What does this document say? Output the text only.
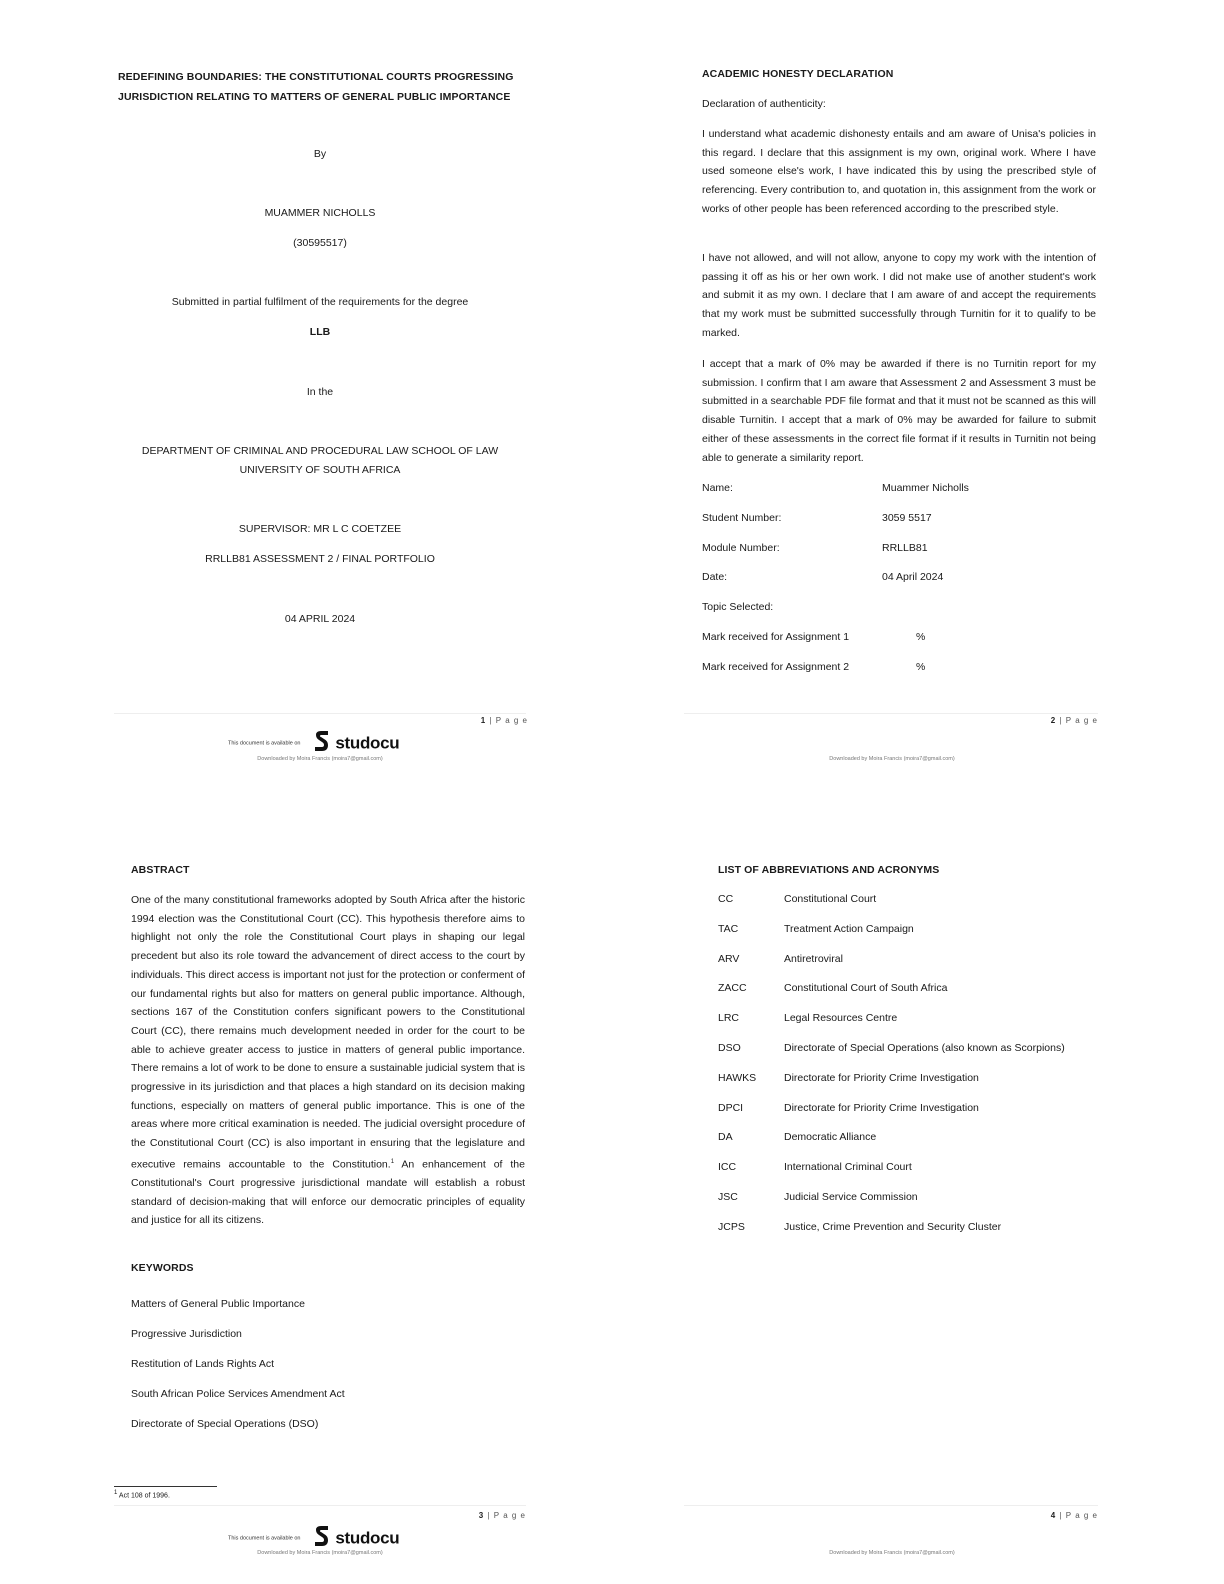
REDEFINING BOUNDARIES: THE CONSTITUTIONAL COURTS PROGRESSING
JURISDICTION RELATING TO MATTERS OF GENERAL PUBLIC IMPORTANCE
By
MUAMMER NICHOLLS
(30595517)
Submitted in partial fulfilment of the requirements for the degree
LLB
In the
DEPARTMENT OF CRIMINAL AND PROCEDURAL LAW SCHOOL OF LAW
UNIVERSITY OF SOUTH AFRICA
SUPERVISOR: MR L C COETZEE
RRLLB81 ASSESSMENT 2 / FINAL PORTFOLIO
04 APRIL 2024
1 | P a g e
This document is available on studocu
Downloaded by Moira Francis (moira7@gmail.com)
ACADEMIC HONESTY DECLARATION
Declaration of authenticity:
I understand what academic dishonesty entails and am aware of Unisa's policies in this regard. I declare that this assignment is my own, original work. Where I have used someone else's work, I have indicated this by using the prescribed style of referencing. Every contribution to, and quotation in, this assignment from the work or works of other people has been referenced according to the prescribed style.
I have not allowed, and will not allow, anyone to copy my work with the intention of passing it off as his or her own work. I did not make use of another student's work and submit it as my own. I declare that I am aware of and accept the requirements that my work must be submitted successfully through Turnitin for it to qualify to be marked.
I accept that a mark of 0% may be awarded if there is no Turnitin report for my submission. I confirm that I am aware that Assessment 2 and Assessment 3 must be submitted in a searchable PDF file format and that it must not be scanned as this will disable Turnitin. I accept that a mark of 0% may be awarded for failure to submit either of these assessments in the correct file format if it results in Turnitin not being able to generate a similarity report.
Name:	Muammer Nicholls
Student Number:	3059 5517
Module Number:	RRLLB81
Date:	04 April 2024
Topic Selected:	
Mark received for Assignment 1	%
Mark received for Assignment 2	%
2 | P a g e
Downloaded by Moira Francis (moira7@gmail.com)
ABSTRACT
One of the many constitutional frameworks adopted by South Africa after the historic 1994 election was the Constitutional Court (CC). This hypothesis therefore aims to highlight not only the role the Constitutional Court plays in shaping our legal precedent but also its role toward the advancement of direct access to the court by individuals. This direct access is important not just for the protection or conferment of our fundamental rights but also for matters on general public importance. Although, sections 167 of the Constitution confers significant powers to the Constitutional Court (CC), there remains much development needed in order for the court to be able to achieve greater access to justice in matters of general public importance. There remains a lot of work to be done to ensure a sustainable judicial system that is progressive in its jurisdiction and that places a high standard on its decision making functions, especially on matters of general public importance. This is one of the areas where more critical examination is needed. The judicial oversight procedure of the Constitutional Court (CC) is also important in ensuring that the legislature and executive remains accountable to the Constitution.$^1$ An enhancement of the Constitutional's Court progressive jurisdictional mandate will establish a robust standard of decision-making that will enforce our democratic principles of equality and justice for all its citizens.
KEYWORDS
Matters of General Public Importance
Progressive Jurisdiction
Restitution of Lands Rights Act
South African Police Services Amendment Act
Directorate of Special Operations (DSO)
$^1$ Act 108 of 1996.
3 | P a g e
This document is available on studocu
Downloaded by Moira Francis (moira7@gmail.com)
LIST OF ABBREVIATIONS AND ACRONYMS
CC	Constitutional Court
TAC	Treatment Action Campaign
ARV	Antiretroviral
ZACC	Constitutional Court of South Africa
LRC	Legal Resources Centre
DSO	Directorate of Special Operations (also known as Scorpions)
HAWKS	Directorate for Priority Crime Investigation
DPCI	Directorate for Priority Crime Investigation
DA	Democratic Alliance
ICC	International Criminal Court
JSC	Judicial Service Commission
JCPS	Justice, Crime Prevention and Security Cluster
4 | P a g e
Downloaded by Moira Francis (moira7@gmail.com)
